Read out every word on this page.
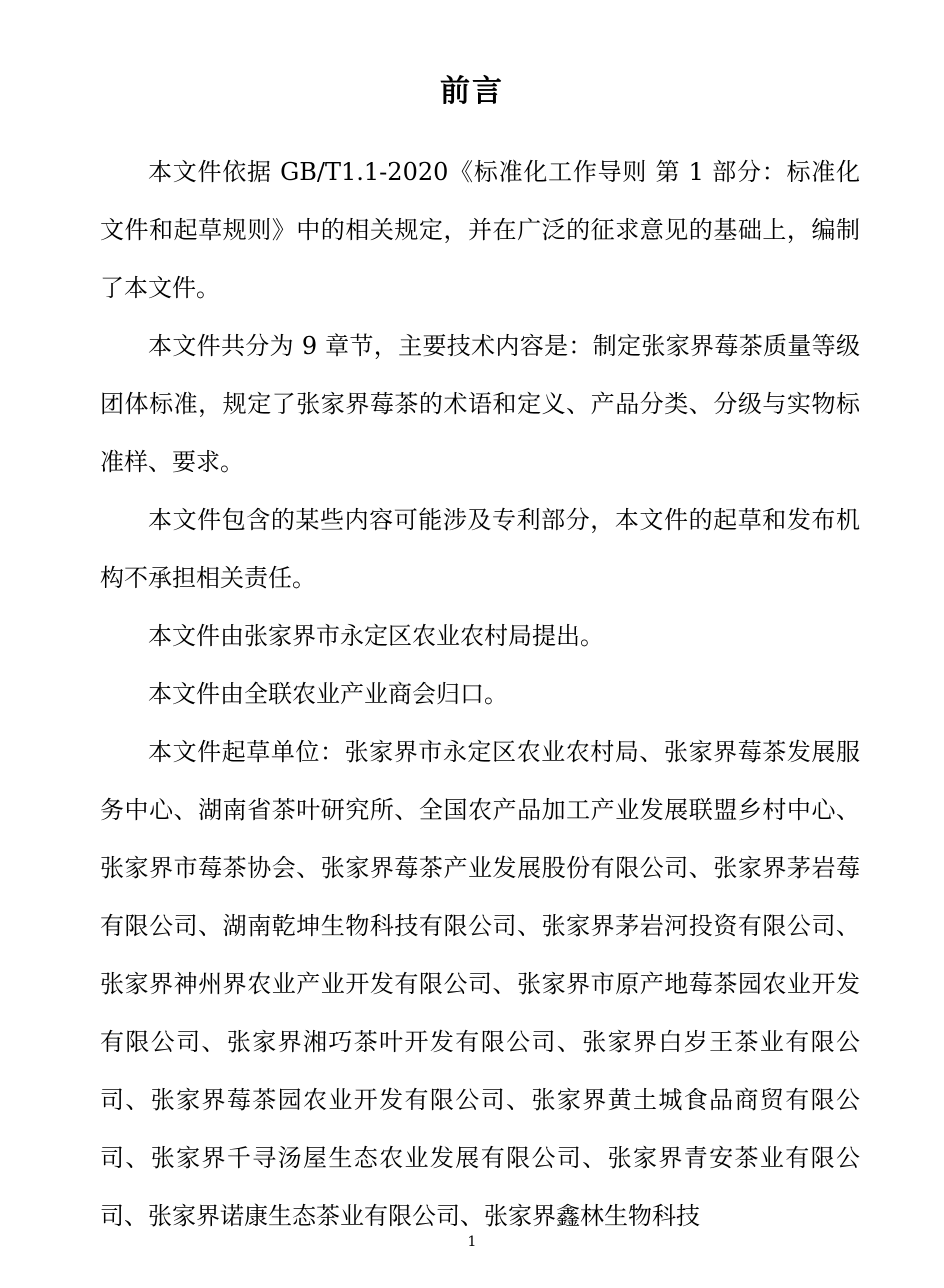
前言

本文件依据 GB/T1.1-2020《标准化工作导则 第 1 部分：标准化文件和起草规则》中的相关规定，并在广泛的征求意见的基础上，编制了本文件。

本文件共分为 9 章节，主要技术内容是：制定张家界莓茶质量等级团体标准，规定了张家界莓茶的术语和定义、产品分类、分级与实物标准样、要求。

本文件包含的某些内容可能涉及专利部分，本文件的起草和发布机构不承担相关责任。

本文件由张家界市永定区农业农村局提出。

本文件由全联农业产业商会归口。

本文件起草单位：张家界市永定区农业农村局、张家界莓茶发展服务中心、湖南省茶叶研究所、全国农产品加工产业发展联盟乡村中心、张家界市莓茶协会、张家界莓茶产业发展股份有限公司、张家界茅岩莓有限公司、湖南乾坤生物科技有限公司、张家界茅岩河投资有限公司、张家界神州界农业产业开发有限公司、张家界市原产地莓茶园农业开发有限公司、张家界湘巧茶叶开发有限公司、张家界白岁王茶业有限公司、张家界莓茶园农业开发有限公司、张家界黄土城食品商贸有限公司、张家界千寻汤屋生态农业发展有限公司、张家界青安茶业有限公司、张家界诺康生态茶业有限公司、张家界鑫林生物科技

1
